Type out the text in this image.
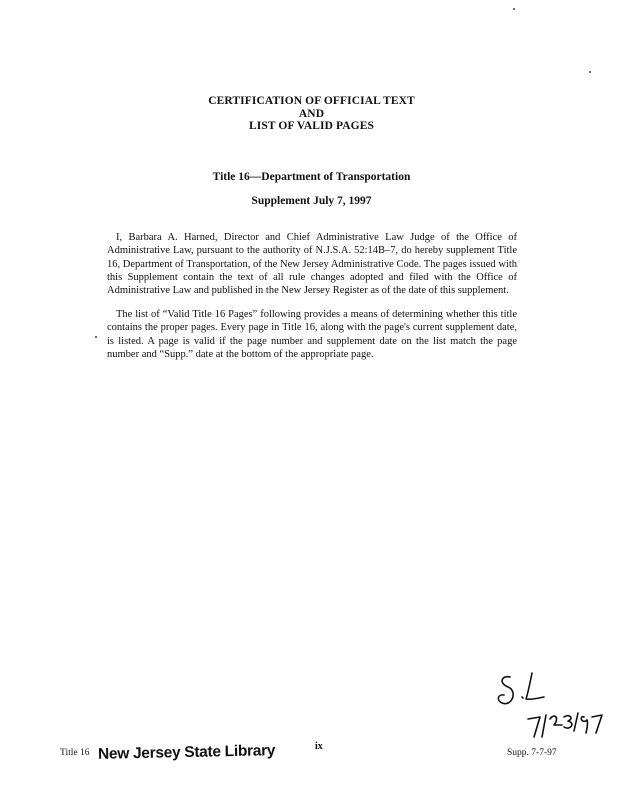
CERTIFICATION OF OFFICIAL TEXT
AND
LIST OF VALID PAGES
Title 16—Department of Transportation
Supplement July 7, 1997

I, Barbara A. Harned, Director and Chief Administrative Law Judge of the Office of Administrative Law, pursuant to the authority of N.J.S.A. 52:14B–7, do hereby supplement Title 16, Department of Transportation, of the New Jersey Administrative Code. The pages issued with this Supplement contain the text of all rule changes adopted and filed with the Office of Administrative Law and published in the New Jersey Register as of the date of this supplement.

The list of “Valid Title 16 Pages” following provides a means of determining whether this title contains the proper pages. Every page in Title 16, along with the page's current supplement date, is listed. A page is valid if the page number and supplement date on the list match the page number and “Supp.” date at the bottom of the appropriate page.

Title 16 New Jersey State Library	ix
Supp. 7-7-97
